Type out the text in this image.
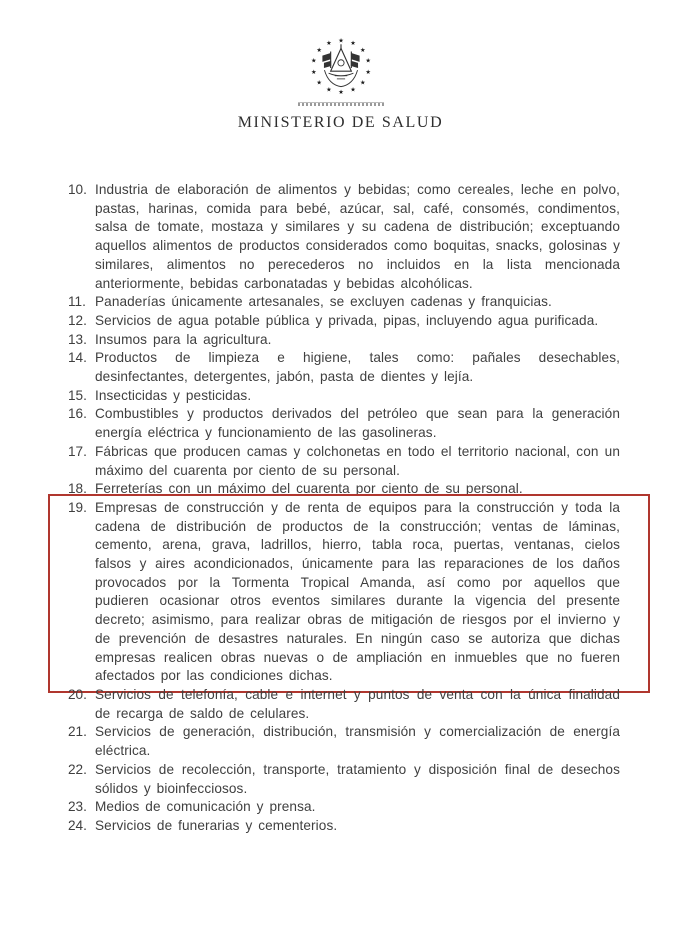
★ ★
★
★
★
★
★
★
★
★
★
★
★
★
MINISTERIO DE SALUD
10. Industria de elaboración de alimentos y bebidas; como cereales, leche en polvo, pastas, harinas, comida para bebé, azúcar, sal, café, consomés, condimentos, salsa de tomate, mostaza y similares y su cadena de distribución; exceptuando aquellos alimentos de productos considerados como boquitas, snacks, golosinas y similares, alimentos no perecederos no incluidos en la lista mencionada anteriormente, bebidas carbonatadas y bebidas alcohólicas.
11. Panaderías únicamente artesanales, se excluyen cadenas y franquicias.
12. Servicios de agua potable pública y privada, pipas, incluyendo agua purificada.
13. Insumos para la agricultura.
14. Productos de limpieza e higiene, tales como: pañales desechables, desinfectantes, detergentes, jabón, pasta de dientes y lejía.
15. Insecticidas y pesticidas.
16. Combustibles y productos derivados del petróleo que sean para la generación energía eléctrica y funcionamiento de las gasolineras.
17. Fábricas que producen camas y colchonetas en todo el territorio nacional, con un máximo del cuarenta por ciento de su personal.
18. Ferreterías con un máximo del cuarenta por ciento de su personal.
19. Empresas de construcción y de renta de equipos para la construcción y toda la cadena de distribución de productos de la construcción; ventas de láminas, cemento, arena, grava, ladrillos, hierro, tabla roca, puertas, ventanas, cielos falsos y aires acondicionados, únicamente para las reparaciones de los daños provocados por la Tormenta Tropical Amanda, así como por aquellos que pudieren ocasionar otros eventos similares durante la vigencia del presente decreto; asimismo, para realizar obras de mitigación de riesgos por el invierno y de prevención de desastres naturales. En ningún caso se autoriza que dichas empresas realicen obras nuevas o de ampliación en inmuebles que no fueren afectados por las condiciones dichas.
20. Servicios de telefonía, cable e internet y puntos de venta con la única finalidad de recarga de saldo de celulares.
21. Servicios de generación, distribución, transmisión y comercialización de energía eléctrica.
22. Servicios de recolección, transporte, tratamiento y disposición final de desechos sólidos y bioinfecciosos.
23. Medios de comunicación y prensa.
24. Servicios de funerarias y cementerios.
